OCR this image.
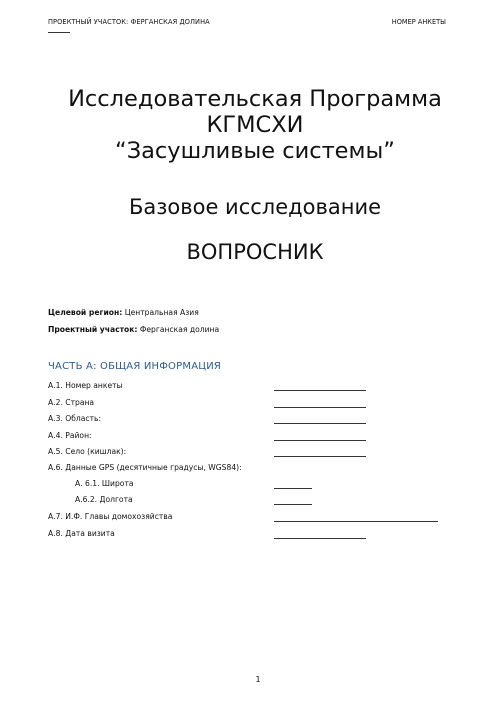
ПРОЕКТНЫЙ УЧАСТОК: ФЕРГАНСКАЯ ДОЛИНА	НОМЕР АНКЕТЫ
Исследовательская Программа
КГМСХИ
“Засушливые системы”
Базовое исследование
ВОПРОСНИК
Целевой регион: Центральная Азия
Проектный участок: Ферганская долина
ЧАСТЬ А: ОБЩАЯ ИНФОРМАЦИЯ
А.1. Номер анкеты
А.2. Страна
А.3. Область:
А.4. Район:
А.5. Село (кишлак):
А.6. Данные GPS (десятичные градусы, WGS84):
А. 6.1. Широта
А.6.2. Долгота
А.7. И.Ф. Главы домохозяйства
А.8. Дата визита
1
